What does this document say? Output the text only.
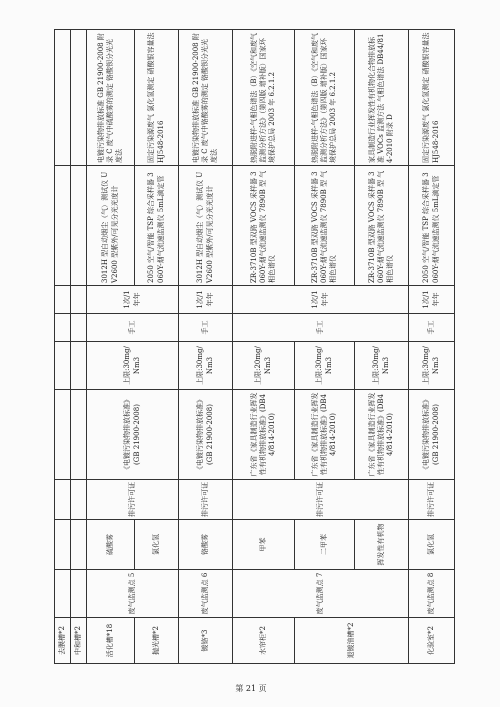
去膜槽*2									
中和槽*2									
活化槽*18	废气监测点 5	硫酸雾	排污许可证	《电镀污染物排放标准》(GB 21900-2008)	上限:30mg/Nm3	手工	1次/1年年	3012H 型自动烟尘（气）测试仪 UV2600 型紫外/可见分光光度计	电镀污染物排放标准 GB 21900-2008 附录 C 废气中硫酸雾的测定 铬酸钡分光光度法
抛光槽*2		氯化氢						2050 空气/智能 TSP 综合采样器 3060Y-烟气流速监测仪 5mL滴定管	固定污染源废气 氯化氢测定 硝酸银容量法 HJ548-2016
镀铬*3	废气监测点 6	铬酸雾	排污许可证	《电镀污染物排放标准》(GB 21900-2008)	上限:30mg/Nm3	手工	1次/1年年	3012H 型自动烟尘（气）测试仪 UV2600 型紫外/可见分光光度计	电镀污染物排放标准 GB 21900-2008 附录 C 废气中铬酸雾的测定 铬酸钡分光光度法
水帘柜*2	废气监测点 7	甲苯	排污许可证	广东省《家具制造行业挥发性有机物排放标准》(DB44/814-2010)	上限:20mg/Nm3	手工	1次/1年年	ZR-3710B 型双路 VOCS 采样器 3060Y-烟气流速监测仪 7890B 型 气相色谱仪	热脱附进样-气相色谱法（B）《空气和废气监测分析方法》（第四版 增补版）国家环境保护总局 2003 年 6.2.1.2
退镀油槽*2		二甲苯		广东省《家具制造行业挥发性有机物排放标准》(DB44/814-2010)	上限:30mg/Nm3			ZR-3710B 型双路 VOCS 采样器 3060Y-烟气流速监测仪 7890B 型 气相色谱仪	热脱附进样-气相色谱法（B）《空气和废气监测分析方法》（第四版 增补版）国家环境保护总局 2003 年 6.2.1.2
		挥发性有机物		广东省《家具制造行业挥发性有机物排放标准》(DB44/814-2010)	上限:30mg/Nm3			ZR-3710B 型双路 VOCS 采样器 3060Y-烟气流速监测仪 7890B 型 气相色谱仪	家具制造行业挥发性有机物化合物排放标准 VOCs 监测方法 气相色谱法 DB44/814-2010 附录 D
化验室*2	废气监测点 8	氯化氢	排污许可证	《电镀污染物排放标准》(GB 21900-2008)	上限:30mg/Nm3	手工	1次/1年年	2050 空气/智能 TSP 综合采样器 3060Y-烟气流速监测仪 5mL滴定管	固定污染源废气 氯化氢测定 硝酸银容量法 HJ548-2016
第 21 页
